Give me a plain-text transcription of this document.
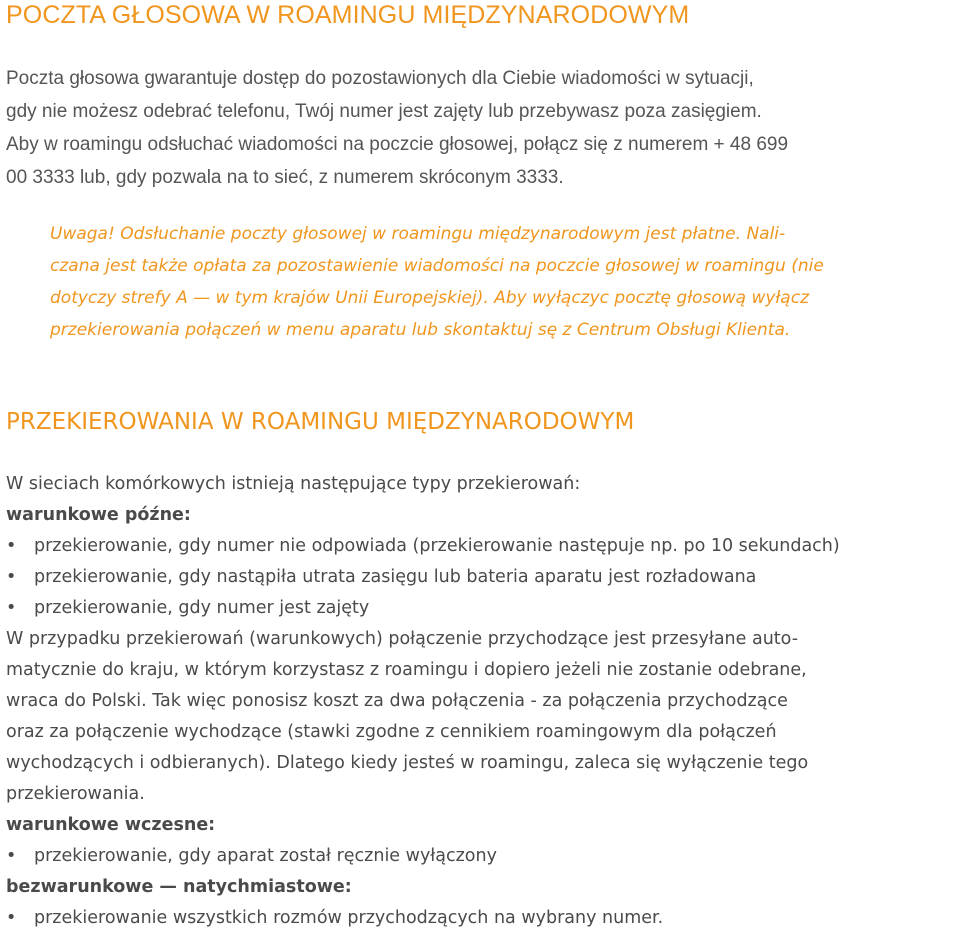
POCZTA GŁOSOWA W ROAMINGU MIĘDZYNARODOWYM
Poczta głosowa gwarantuje dostęp do pozostawionych dla Ciebie wiadomości w sytuacji,
gdy nie możesz odebrać telefonu, Twój numer jest zajęty lub przebywasz poza zasięgiem.
Aby w roamingu odsłuchać wiadomości na poczcie głosowej, połącz się z numerem + 48 699
00 3333 lub, gdy pozwala na to sieć, z numerem skróconym 3333.
Uwaga! Odsłuchanie poczty głosowej w roamingu międzynarodowym jest płatne. Nali-
czana jest także opłata za pozostawienie wiadomości na poczcie głosowej w roamingu (nie
dotyczy strefy A — w tym krajów Unii Europejskiej). Aby wyłączyc pocztę głosową wyłącz
przekierowania połączeń w menu aparatu lub skontaktuj sę z Centrum Obsługi Klienta.
PRZEKIEROWANIA W ROAMINGU MIĘDZYNARODOWYM
W sieciach komórkowych istnieją następujące typy przekierowań:
warunkowe późne:
•	przekierowanie, gdy numer nie odpowiada (przekierowanie następuje np. po 10 sekundach)
•	przekierowanie, gdy nastąpiła utrata zasięgu lub bateria aparatu jest rozładowana
•	przekierowanie, gdy numer jest zajęty
W przypadku przekierowań (warunkowych) połączenie przychodzące jest przesyłane auto-
matycznie do kraju, w którym korzystasz z roamingu i dopiero jeżeli nie zostanie odebrane,
wraca do Polski. Tak więc ponosisz koszt za dwa połączenia - za połączenia przychodzące
oraz za połączenie wychodzące (stawki zgodne z cennikiem roamingowym dla połączeń
wychodzących i odbieranych). Dlatego kiedy jesteś w roamingu, zaleca się wyłączenie tego
przekierowania.
warunkowe wczesne:
•	przekierowanie, gdy aparat został ręcznie wyłączony
bezwarunkowe — natychmiastowe:
•	przekierowanie wszystkich rozmów przychodzących na wybrany numer.
